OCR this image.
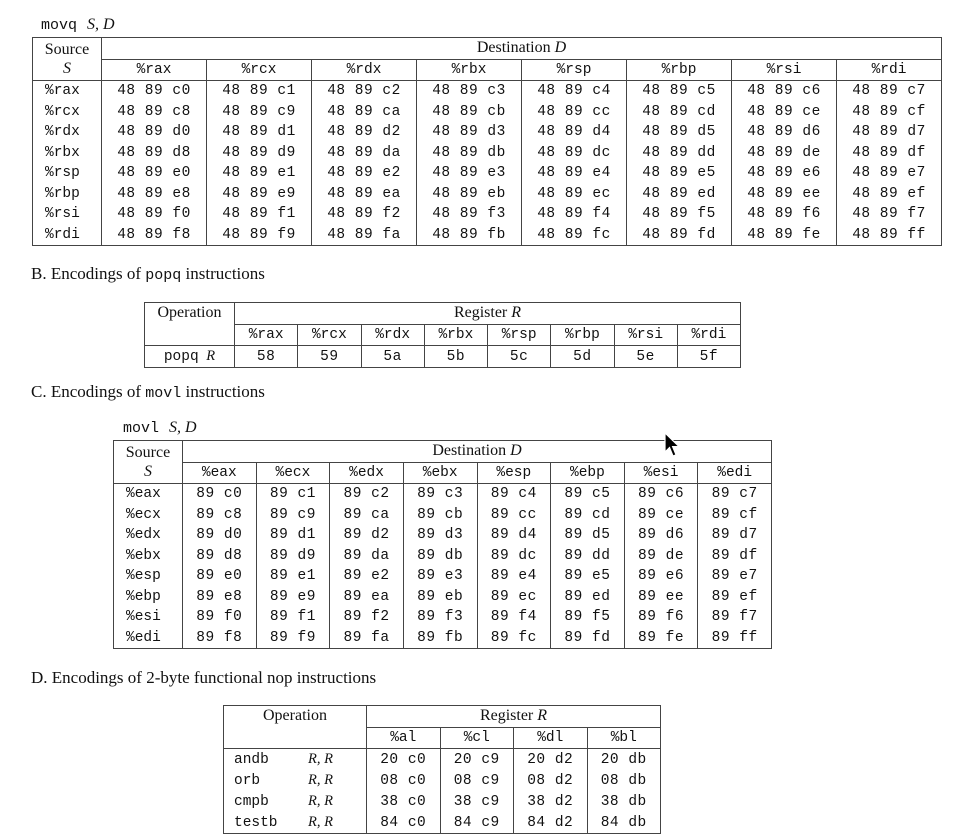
movq S, D
Source
S	Destination D							
	%rax	%rcx	%rdx	%rbx	%rsp	%rbp	%rsi	%rdi
%rax	48 89 c0	48 89 c1	48 89 c2	48 89 c3	48 89 c4	48 89 c5	48 89 c6	48 89 c7
%rcx	48 89 c8	48 89 c9	48 89 ca	48 89 cb	48 89 cc	48 89 cd	48 89 ce	48 89 cf
%rdx	48 89 d0	48 89 d1	48 89 d2	48 89 d3	48 89 d4	48 89 d5	48 89 d6	48 89 d7
%rbx	48 89 d8	48 89 d9	48 89 da	48 89 db	48 89 dc	48 89 dd	48 89 de	48 89 df
%rsp	48 89 e0	48 89 e1	48 89 e2	48 89 e3	48 89 e4	48 89 e5	48 89 e6	48 89 e7
%rbp	48 89 e8	48 89 e9	48 89 ea	48 89 eb	48 89 ec	48 89 ed	48 89 ee	48 89 ef
%rsi	48 89 f0	48 89 f1	48 89 f2	48 89 f3	48 89 f4	48 89 f5	48 89 f6	48 89 f7
%rdi	48 89 f8	48 89 f9	48 89 fa	48 89 fb	48 89 fc	48 89 fd	48 89 fe	48 89 ff
B. Encodings of popq instructions
Operation	Register R							
	%rax	%rcx	%rdx	%rbx	%rsp	%rbp	%rsi	%rdi
popq R	58	59	5a	5b	5c	5d	5e	5f
C. Encodings of movl instructions
movl S, D
Source
S	Destination D							
	%eax	%ecx	%edx	%ebx	%esp	%ebp	%esi	%edi
%eax	89 c0	89 c1	89 c2	89 c3	89 c4	89 c5	89 c6	89 c7
%ecx	89 c8	89 c9	89 ca	89 cb	89 cc	89 cd	89 ce	89 cf
%edx	89 d0	89 d1	89 d2	89 d3	89 d4	89 d5	89 d6	89 d7
%ebx	89 d8	89 d9	89 da	89 db	89 dc	89 dd	89 de	89 df
%esp	89 e0	89 e1	89 e2	89 e3	89 e4	89 e5	89 e6	89 e7
%ebp	89 e8	89 e9	89 ea	89 eb	89 ec	89 ed	89 ee	89 ef
%esi	89 f0	89 f1	89 f2	89 f3	89 f4	89 f5	89 f6	89 f7
%edi	89 f8	89 f9	89 fa	89 fb	89 fc	89 fd	89 fe	89 ff
D. Encodings of 2-byte functional nop instructions
Operation	Register R			
	%al	%cl	%dl	%bl
andb R, R	20 c0	20 c9	20 d2	20 db
orb R, R	08 c0	08 c9	08 d2	08 db
cmpb R, R	38 c0	38 c9	38 d2	38 db
testb R, R	84 c0	84 c9	84 d2	84 db
